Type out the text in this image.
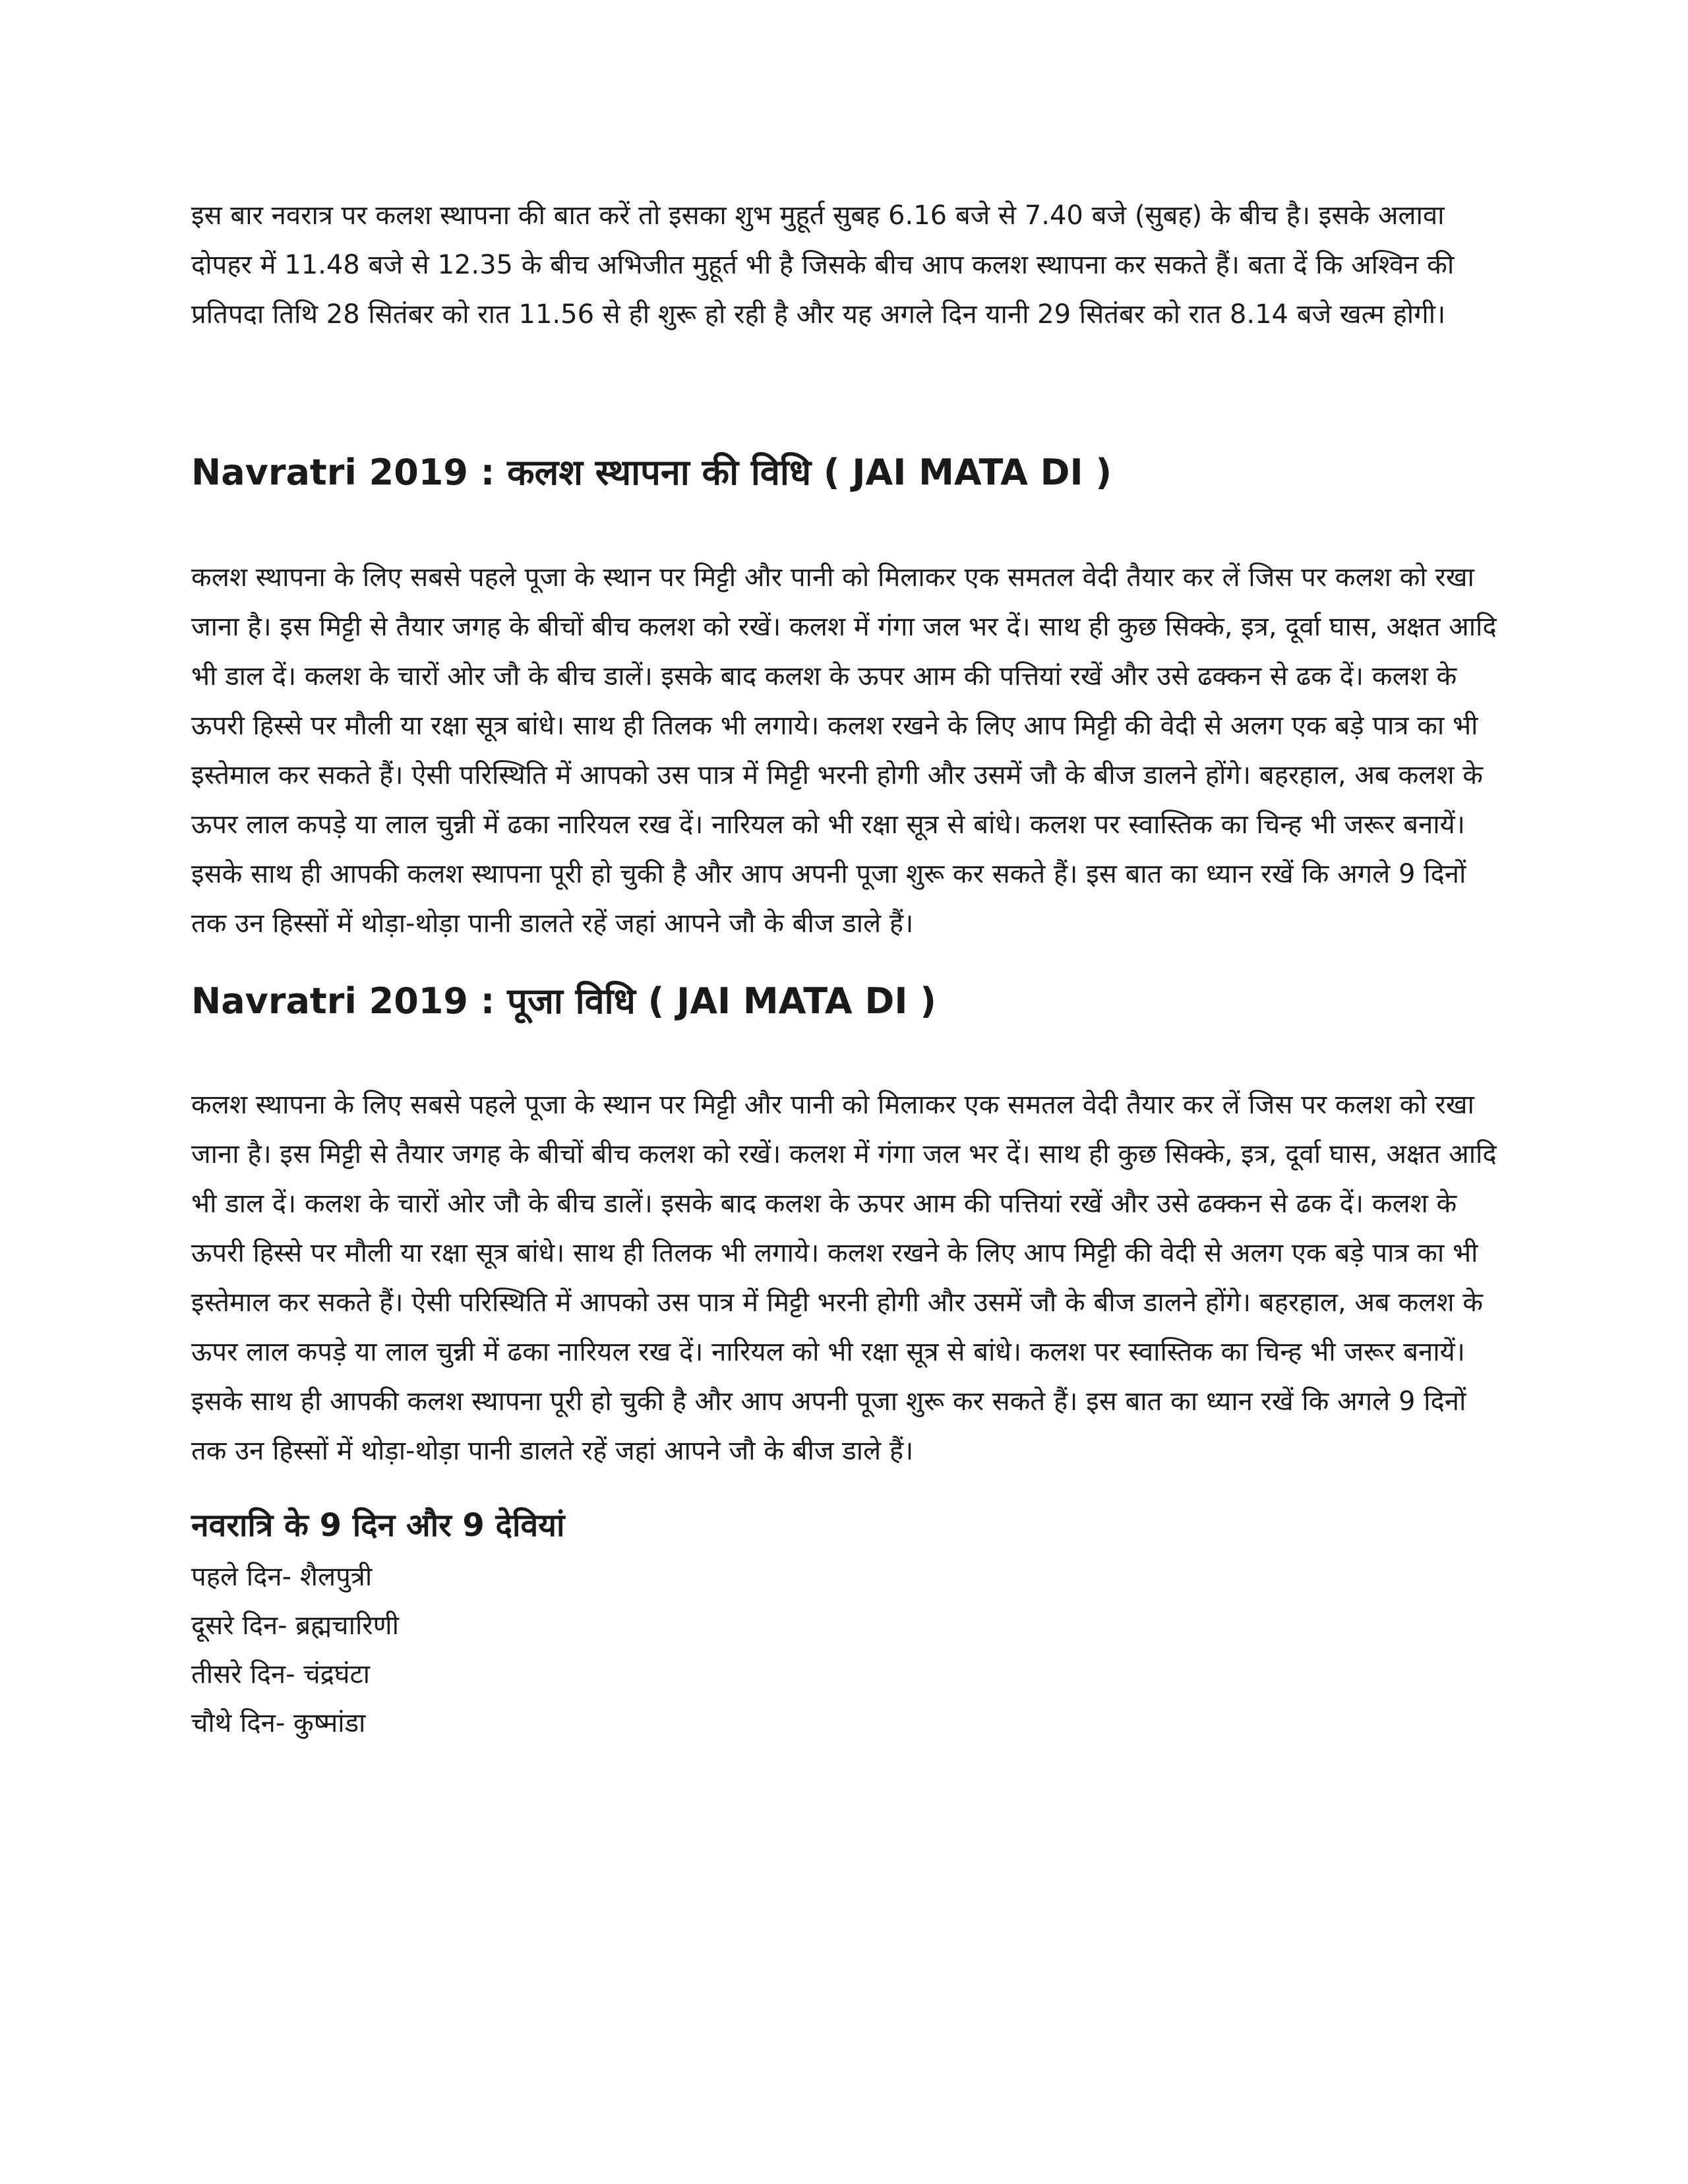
इस बार नवरात्र पर कलश स्थापना की बात करें तो इसका शुभ मुहूर्त सुबह 6.16 बजे से 7.40 बजे (सुबह) के बीच है। इसके अलावा दोपहर में 11.48 बजे से 12.35 के बीच अभिजीत मुहूर्त भी है जिसके बीच आप कलश स्थापना कर सकते हैं। बता दें कि अश्विन की प्रतिपदा तिथि 28 सितंबर को रात 11.56 से ही शुरू हो रही है और यह अगले दिन यानी 29 सितंबर को रात 8.14 बजे खत्म होगी।

Navratri 2019 : कलश स्थापना की विधि ( JAI MATA DI )

कलश स्थापना के लिए सबसे पहले पूजा के स्थान पर मिट्टी और पानी को मिलाकर एक समतल वेदी तैयार कर लें जिस पर कलश को रखा जाना है। इस मिट्टी से तैयार जगह के बीचों बीच कलश को रखें। कलश में गंगा जल भर दें। साथ ही कुछ सिक्के, इत्र, दूर्वा घास, अक्षत आदि भी डाल दें। कलश के चारों ओर जौ के बीच डालें। इसके बाद कलश के ऊपर आम की पत्तियां रखें और उसे ढक्कन से ढक दें। कलश के ऊपरी हिस्से पर मौली या रक्षा सूत्र बांधे। साथ ही तिलक भी लगाये। कलश रखने के लिए आप मिट्टी की वेदी से अलग एक बड़े पात्र का भी इस्तेमाल कर सकते हैं। ऐसी परिस्थिति में आपको उस पात्र में मिट्टी भरनी होगी और उसमें जौ के बीज डालने होंगे। बहरहाल, अब कलश के ऊपर लाल कपड़े या लाल चुन्नी में ढका नारियल रख दें। नारियल को भी रक्षा सूत्र से बांधे। कलश पर स्वास्तिक का चिन्ह भी जरूर बनायें। इसके साथ ही आपकी कलश स्थापना पूरी हो चुकी है और आप अपनी पूजा शुरू कर सकते हैं। इस बात का ध्यान रखें कि अगले 9 दिनों तक उन हिस्सों में थोड़ा-थोड़ा पानी डालते रहें जहां आपने जौ के बीज डाले हैं।

Navratri 2019 : पूजा विधि ( JAI MATA DI )

कलश स्थापना के लिए सबसे पहले पूजा के स्थान पर मिट्टी और पानी को मिलाकर एक समतल वेदी तैयार कर लें जिस पर कलश को रखा जाना है। इस मिट्टी से तैयार जगह के बीचों बीच कलश को रखें। कलश में गंगा जल भर दें। साथ ही कुछ सिक्के, इत्र, दूर्वा घास, अक्षत आदि भी डाल दें। कलश के चारों ओर जौ के बीच डालें। इसके बाद कलश के ऊपर आम की पत्तियां रखें और उसे ढक्कन से ढक दें। कलश के ऊपरी हिस्से पर मौली या रक्षा सूत्र बांधे। साथ ही तिलक भी लगाये। कलश रखने के लिए आप मिट्टी की वेदी से अलग एक बड़े पात्र का भी इस्तेमाल कर सकते हैं। ऐसी परिस्थिति में आपको उस पात्र में मिट्टी भरनी होगी और उसमें जौ के बीज डालने होंगे। बहरहाल, अब कलश के ऊपर लाल कपड़े या लाल चुन्नी में ढका नारियल रख दें। नारियल को भी रक्षा सूत्र से बांधे। कलश पर स्वास्तिक का चिन्ह भी जरूर बनायें। इसके साथ ही आपकी कलश स्थापना पूरी हो चुकी है और आप अपनी पूजा शुरू कर सकते हैं। इस बात का ध्यान रखें कि अगले 9 दिनों तक उन हिस्सों में थोड़ा-थोड़ा पानी डालते रहें जहां आपने जौ के बीज डाले हैं।

नवरात्रि के 9 दिन और 9 देवियां
पहले दिन- शैलपुत्री
दूसरे दिन- ब्रह्मचारिणी
तीसरे दिन- चंद्रघंटा
चौथे दिन- कुष्मांडा
